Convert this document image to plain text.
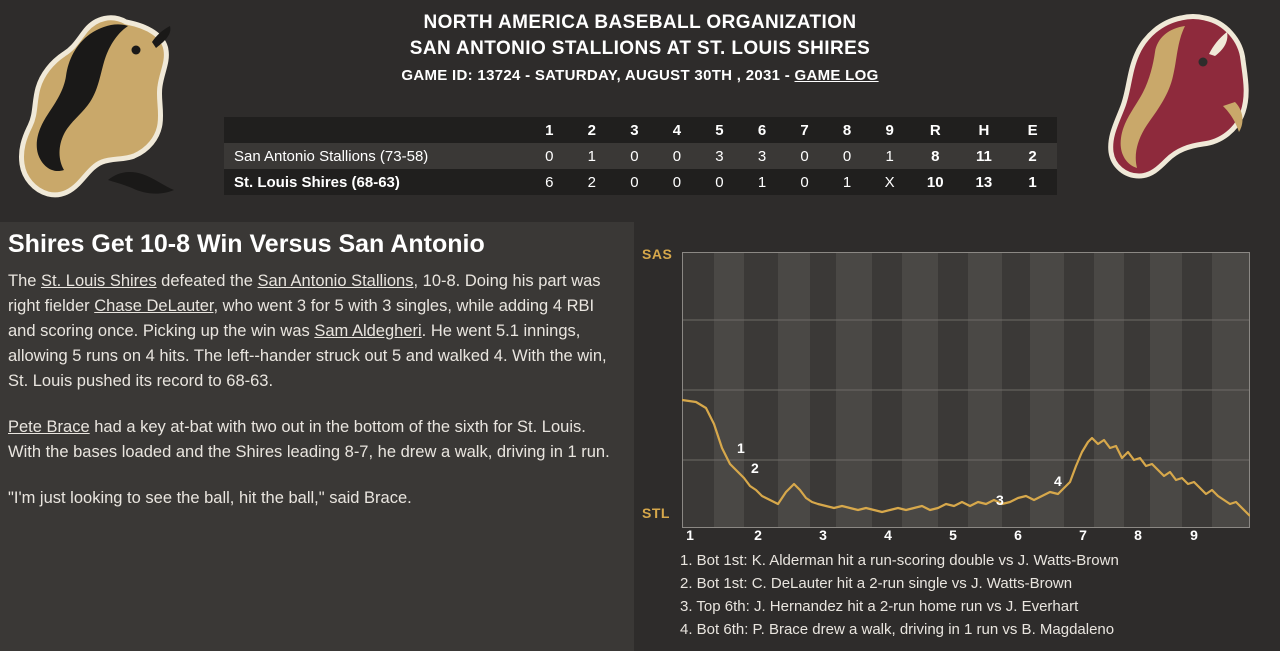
NORTH AMERICA BASEBALL ORGANIZATION
SAN ANTONIO STALLIONS AT ST. LOUIS SHIRES
GAME ID: 13724 - SATURDAY, AUGUST 30TH , 2031 - GAME LOG
	1	2	3	4	5	6	7	8	9	R	H	E
San Antonio Stallions (73-58)	0	1	0	0	3	3	0	0	1	8	11	2
St. Louis Shires (68-63)	6	2	0	0	0	1	0	1	X	10	13	1
Shires Get 10-8 Win Versus San Antonio

The St. Louis Shires defeated the San Antonio Stallions, 10-8. Doing his part was right fielder Chase DeLauter, who went 3 for 5 with 3 singles, while adding 4 RBI and scoring once. Picking up the win was Sam Aldegheri. He went 5.1 innings, allowing 5 runs on 4 hits. The left--hander struck out 5 and walked 4. With the win, St. Louis pushed its record to 68-63.

Pete Brace had a key at-bat with two out in the bottom of the sixth for St. Louis. With the bases loaded and the Shires leading 8-7, he drew a walk, driving in 1 run.

"I'm just looking to see the ball, hit the ball," said Brace.

SAS
STL
1
2
3
4
1	2	3	4	5	6	7	8	9
1. Bot 1st: K. Alderman hit a run-scoring double vs J. Watts-Brown
2. Bot 1st: C. DeLauter hit a 2-run single vs J. Watts-Brown
3. Top 6th: J. Hernandez hit a 2-run home run vs J. Everhart
4. Bot 6th: P. Brace drew a walk, driving in 1 run vs B. Magdaleno
